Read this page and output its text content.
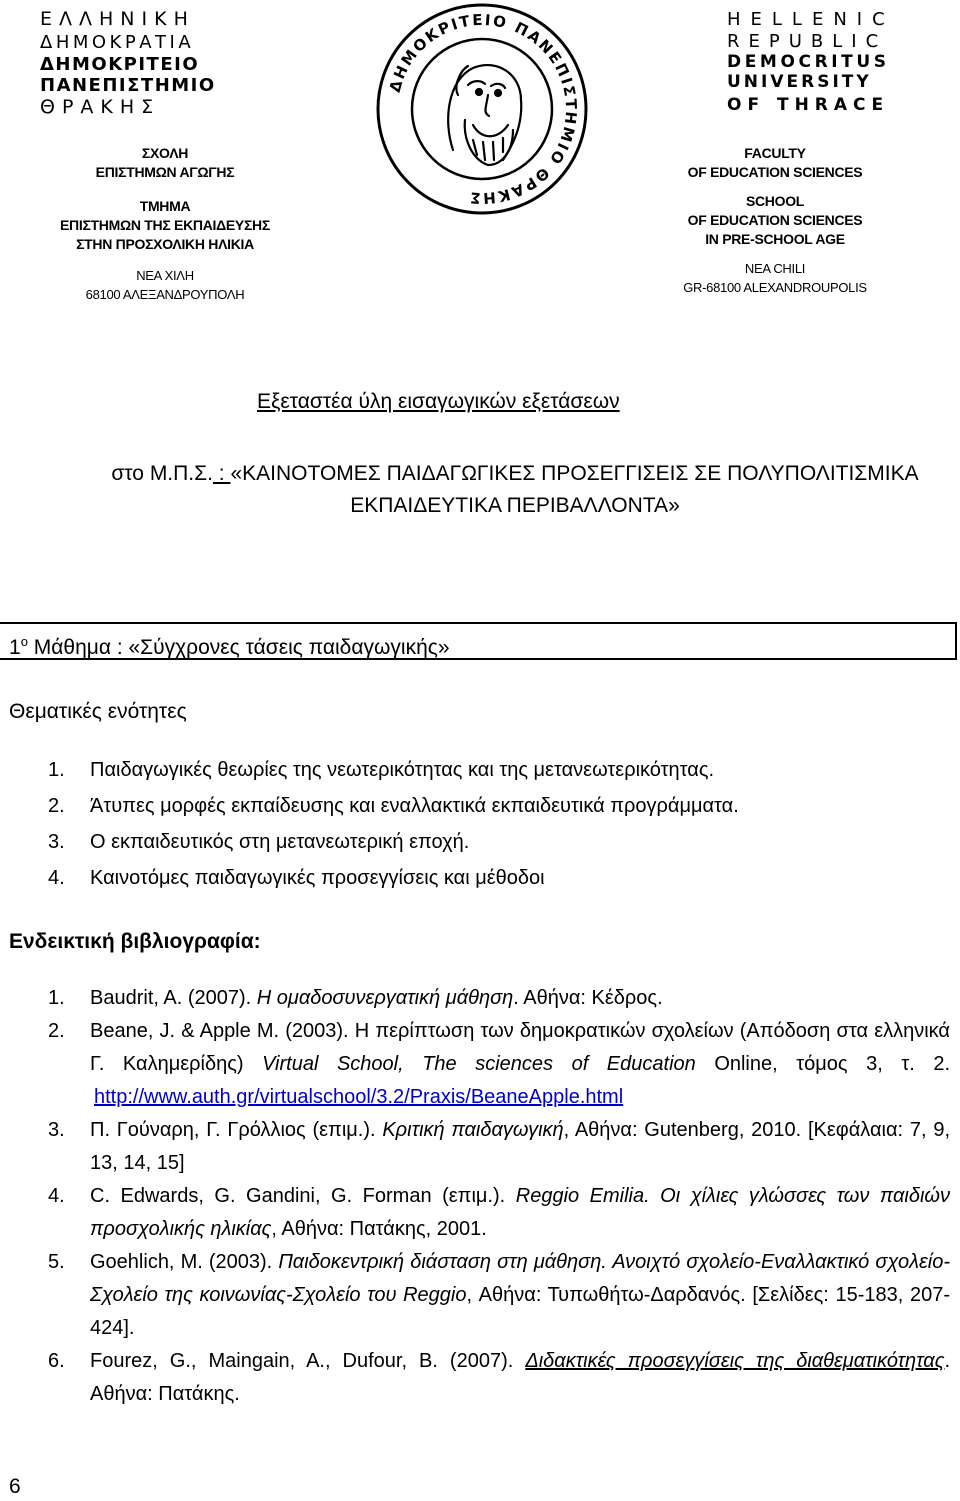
ΕΛΛΗΝΙΚΗ
ΔΗΜΟΚΡΑΤΙΑ
ΔΗΜΟΚΡΙΤΕΙΟ
ΠΑΝΕΠΙΣΤΗΜΙΟ
ΘΡΑΚΗΣ
ΔΗΜΟΚΡΙΤΕΙΟ ΠΑΝΕΠΙΣΤΗΜΙΟ ΘΡΑΚΗΣ
HELLENIC
REPUBLIC
DEMOCRITUS
UNIVERSITY
OF THRACE
ΣΧΟΛΗ
ΕΠΙΣΤΗΜΩΝ ΑΓΩΓΗΣ
ΤΜΗΜΑ
ΕΠΙΣΤΗΜΩΝ ΤΗΣ ΕΚΠΑΙΔΕΥΣΗΣ
ΣΤΗΝ ΠΡΟΣΧΟΛΙΚΗ ΗΛΙΚΙΑ
ΝΕΑ ΧΙΛΗ
68100 ΑΛΕΞΑΝΔΡΟΥΠΟΛΗ
FACULTY
OF EDUCATION SCIENCES
SCHOOL
OF EDUCATION SCIENCES
IN PRE-SCHOOL AGE
NEA CHILI
GR-68100 ALEXANDROUPOLIS
Εξεταστέα ύλη εισαγωγικών εξετάσεων
στο Μ.Π.Σ. : «ΚΑΙΝΟΤΟΜΕΣ ΠΑΙΔΑΓΩΓΙΚΕΣ ΠΡΟΣΕΓΓΙΣΕΙΣ ΣΕ ΠΟΛΥΠΟΛΙΤΙΣΜΙΚΑ ΕΚΠΑΙΔΕΥΤΙΚΑ ΠΕΡΙΒΑΛΛΟΝΤΑ»
$1^o$ Μάθημα : «Σύγχρονες τάσεις παιδαγωγικής»
Θεματικές ενότητες
1. Παιδαγωγικές θεωρίες της νεωτερικότητας και της μετανεωτερικότητας.
2. Άτυπες μορφές εκπαίδευσης και εναλλακτικά εκπαιδευτικά προγράμματα.
3. Ο εκπαιδευτικός στη μετανεωτερική εποχή.
4. Καινοτόμες παιδαγωγικές προσεγγίσεις και μέθοδοι
Ενδεικτική βιβλιογραφία:
1. Baudrit, A. (2007). Η ομαδοσυνεργατική μάθηση. Αθήνα: Κέδρος.
2. Beane, J. & Apple M. (2003). Η περίπτωση των δημοκρατικών σχολείων (Απόδοση στα ελληνικά Γ. Καλημερίδης) Virtual School, The sciences of Education Online, τόμος 3, τ. 2.
http://www.auth.gr/virtualschool/3.2/Praxis/BeaneApple.html
3. Π. Γούναρη, Γ. Γρόλλιος (επιμ.). Κριτική παιδαγωγική, Αθήνα: Gutenberg, 2010. [Κεφάλαια: 7, 9, 13, 14, 15]
4. C. Edwards, G. Gandini, G. Forman (επιμ.). Reggio Emilia. Οι χίλιες γλώσσες των παιδιών προσχολικής ηλικίας, Αθήνα: Πατάκης, 2001.
5. Goehlich, M. (2003). Παιδοκεντρική διάσταση στη μάθηση. Ανοιχτό σχολείο-Εναλλακτικό σχολείο-Σχολείο της κοινωνίας-Σχολείο του Reggio, Αθήνα: Τυπωθήτω-Δαρδανός. [Σελίδες: 15-183, 207-424].
6. Fourez, G., Maingain, A., Dufour, B. (2007). Διδακτικές προσεγγίσεις της διαθεματικότητας. Αθήνα: Πατάκης.
6
